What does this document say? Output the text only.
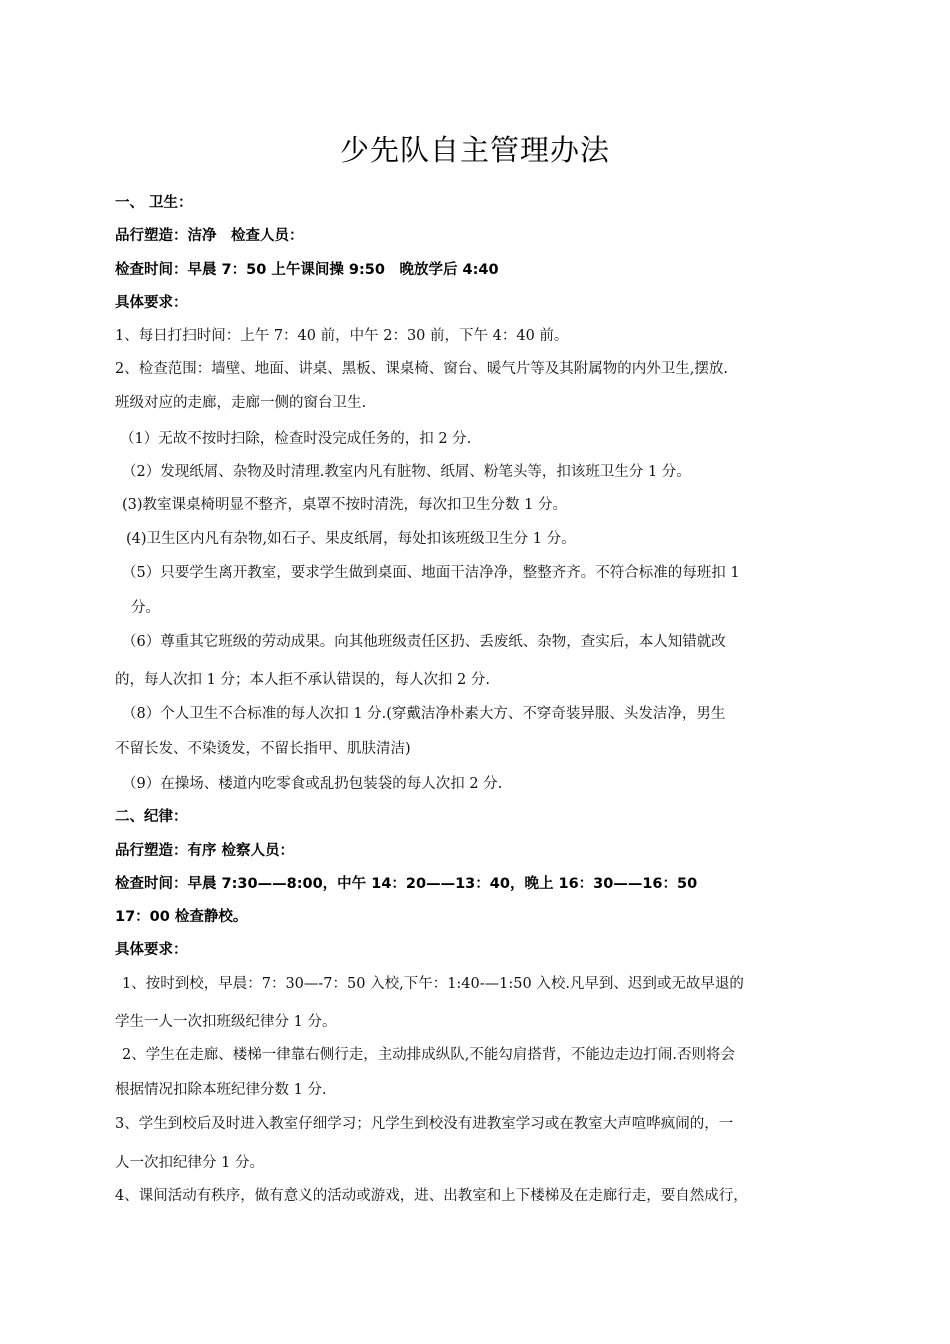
少先队自主管理办法
一、 卫生：
品行塑造：洁净　检查人员：
检查时间：早晨 7：50 上午课间操 9:50　晚放学后 4:40
具体要求：
1、每日打扫时间：上午 7：40 前，中午 2：30 前，下午 4：40 前。
2、检查范围：墙壁、地面、讲桌、黑板、课桌椅、窗台、暖气片等及其附属物的内外卫生,摆放.
班级对应的走廊，走廊一侧的窗台卫生.
（1）无故不按时扫除，检查时没完成任务的，扣 2 分.
（2）发现纸屑、杂物及时清理.教室内凡有脏物、纸屑、粉笔头等，扣该班卫生分 1 分。
(3)教室课桌椅明显不整齐，桌罩不按时清洗，每次扣卫生分数 1 分。
(4)卫生区内凡有杂物,如石子、果皮纸屑，每处扣该班级卫生分 1 分。
（5）只要学生离开教室，要求学生做到桌面、地面干洁净净，整整齐齐。不符合标准的每班扣 1
分。
（6）尊重其它班级的劳动成果。向其他班级责任区扔、丢废纸、杂物，查实后，本人知错就改
的，每人次扣 1 分；本人拒不承认错误的，每人次扣 2 分.
（8）个人卫生不合标准的每人次扣 1 分.(穿戴洁净朴素大方、不穿奇装异服、头发洁净，男生
不留长发、不染烫发，不留长指甲、肌肤清洁)
（9）在操场、楼道内吃零食或乱扔包装袋的每人次扣 2 分.
二、纪律：
品行塑造：有序 检察人员：
检查时间：早晨 7:30——8:00，中午 14：20——13：40，晚上 16：30——16：50
17：00 检查静校。
具体要求：
1、按时到校，早晨：7：30—-7：50 入校,下午：1:40-—1:50 入校.凡早到、迟到或无故早退的
学生一人一次扣班级纪律分 1 分。
2、学生在走廊、楼梯一律靠右侧行走，主动排成纵队,不能勾肩搭背，不能边走边打闹.否则将会
根据情况扣除本班纪律分数 1 分.
3、学生到校后及时进入教室仔细学习；凡学生到校没有进教室学习或在教室大声喧哗疯闹的，一
人一次扣纪律分 1 分。
4、课间活动有秩序，做有意义的活动或游戏，进、出教室和上下楼梯及在走廊行走，要自然成行，
